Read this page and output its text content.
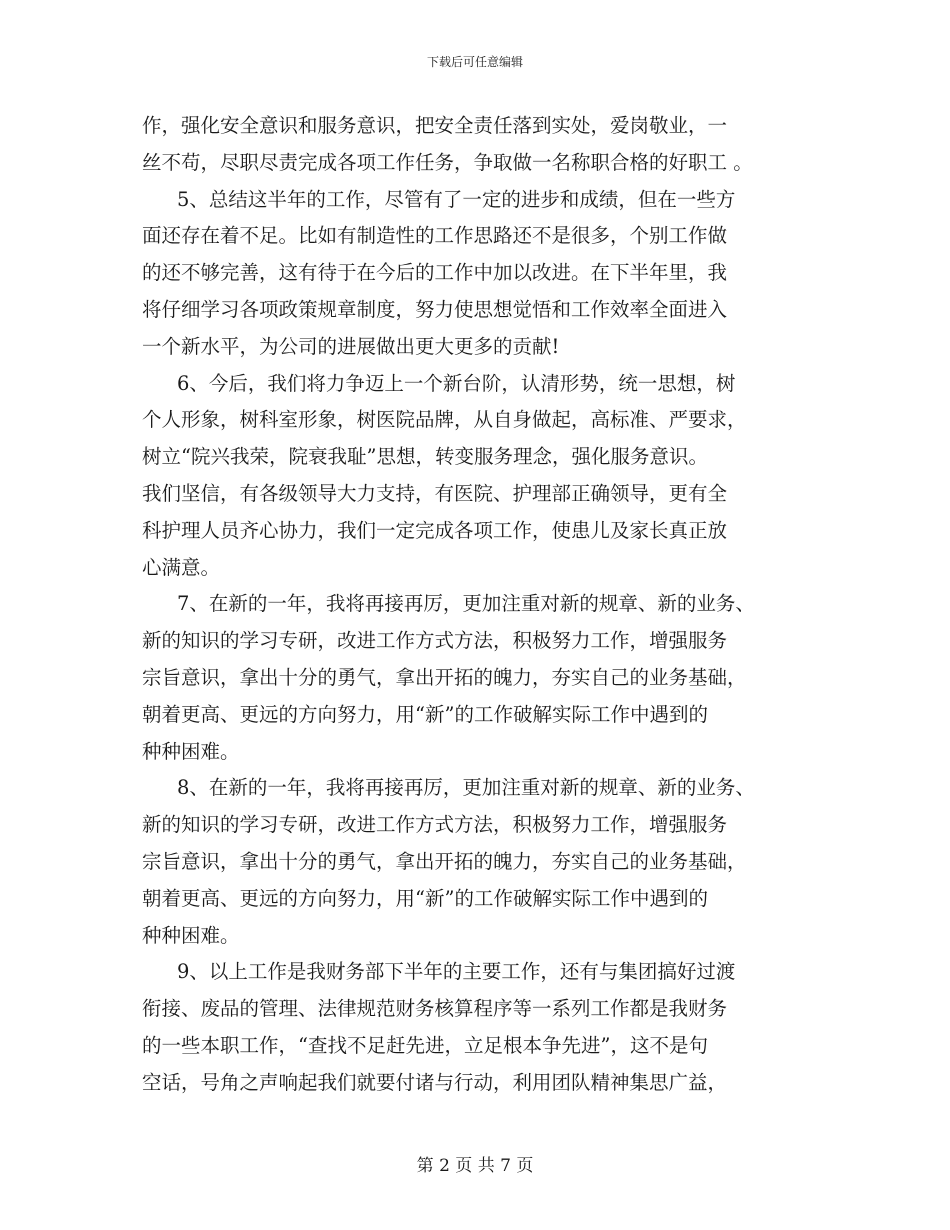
下载后可任意编辑
作，强化安全意识和服务意识，把安全责任落到实处，爱岗敬业，一
丝不苟，尽职尽责完成各项工作任务，争取做一名称职合格的好职工 。
5、总结这半年的工作，尽管有了一定的进步和成绩，但在一些方
面还存在着不足。比如有制造性的工作思路还不是很多，个别工作做
的还不够完善，这有待于在今后的工作中加以改进。在下半年里，我
将仔细学习各项政策规章制度，努力使思想觉悟和工作效率全面进入
一个新水平，为公司的进展做出更大更多的贡献!
6、今后，我们将力争迈上一个新台阶，认清形势，统一思想，树
个人形象，树科室形象，树医院品牌，从自身做起，高标准、严要求，
树立“院兴我荣，院衰我耻”思想，转变服务理念，强化服务意识。
我们坚信，有各级领导大力支持，有医院、护理部正确领导，更有全
科护理人员齐心协力，我们一定完成各项工作，使患儿及家长真正放
心满意。
7、在新的一年，我将再接再厉，更加注重对新的规章、新的业务、
新的知识的学习专研，改进工作方式方法，积极努力工作，增强服务
宗旨意识，拿出十分的勇气，拿出开拓的魄力，夯实自己的业务基础，
朝着更高、更远的方向努力，用“新”的工作破解实际工作中遇到的
种种困难。
8、在新的一年，我将再接再厉，更加注重对新的规章、新的业务、
新的知识的学习专研，改进工作方式方法，积极努力工作，增强服务
宗旨意识，拿出十分的勇气，拿出开拓的魄力，夯实自己的业务基础，
朝着更高、更远的方向努力，用“新”的工作破解实际工作中遇到的
种种困难。
9、以上工作是我财务部下半年的主要工作，还有与集团搞好过渡
衔接、废品的管理、法律规范财务核算程序等一系列工作都是我财务
的一些本职工作，“查找不足赶先进，立足根本争先进”，这不是句
空话，号角之声响起我们就要付诸与行动，利用团队精神集思广益，
第 2 页 共 7 页
